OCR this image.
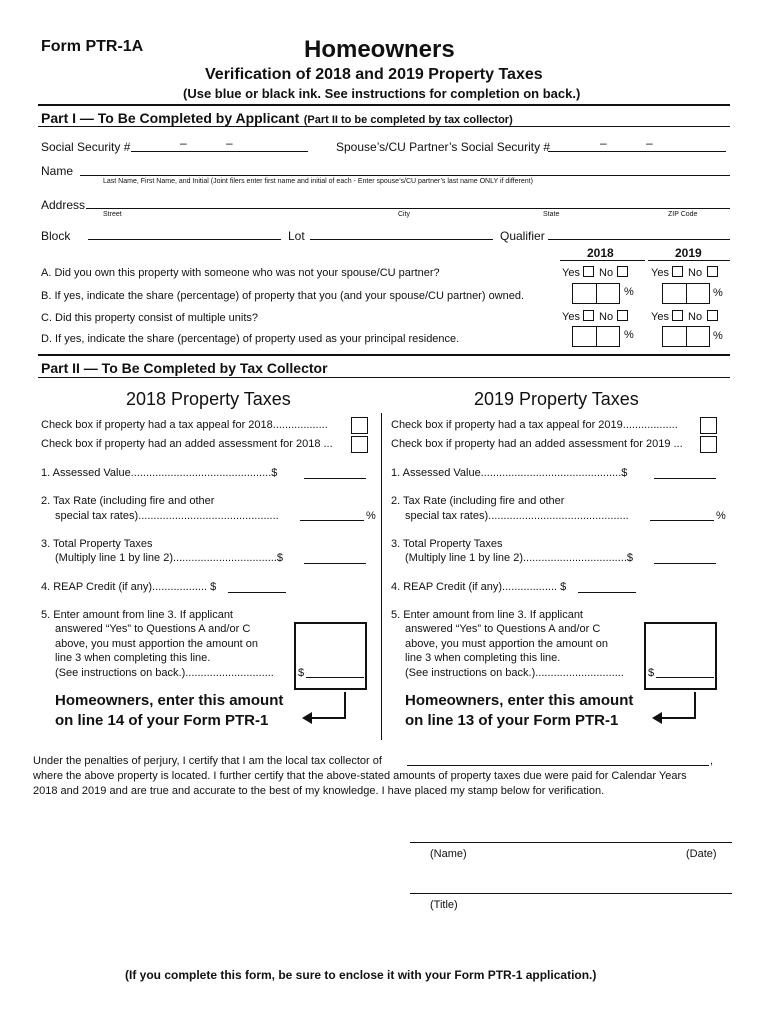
Form PTR-1A	Homeowners
Verification of 2018 and 2019 Property Taxes
(Use blue or black ink. See instructions for completion on back.)
Part I — To Be Completed by Applicant (Part II to be completed by tax collector)
Social Security #	–	–	Spouse’s/CU Partner’s Social Security #	–	–
Name
Last Name, First Name, and Initial (Joint filers enter first name and initial of each - Enter spouse’s/CU partner’s last name ONLY if different)
Address
Street	City	State	ZIP Code
Block	Lot	Qualifier
2018	2019
A. Did you own this property with someone who was not your spouse/CU partner?	Yes No	Yes No
B. If yes, indicate the share (percentage) of property that you (and your spouse/CU partner) owned.	%	%
C. Did this property consist of multiple units?	Yes No	Yes No
D. If yes, indicate the share (percentage) of property used as your principal residence.	%	%
Part II — To Be Completed by Tax Collector
2018 Property Taxes	2019 Property Taxes
Check box if property had a tax appeal for 2018..................
Check box if property had an added assessment for 2018 ...
1. Assessed Value..............................................$
2. Tax Rate (including fire and other
special tax rates)..............................................	%
3. Total Property Taxes
(Multiply line 1 by line 2)..................................$
4. REAP Credit (if any).................. $
5. Enter amount from line 3. If applicant
answered “Yes” to Questions A and/or C
above, you must apportion the amount on
line 3 when completing this line.
(See instructions on back.)............................. $
Homeowners, enter this amount
on line 14 of your Form PTR-1
Check box if property had a tax appeal for 2019..................
Check box if property had an added assessment for 2019 ...
1. Assessed Value..............................................$
2. Tax Rate (including fire and other
special tax rates)..............................................	%
3. Total Property Taxes
(Multiply line 1 by line 2)..................................$
4. REAP Credit (if any).................. $
5. Enter amount from line 3. If applicant
answered “Yes” to Questions A and/or C
above, you must apportion the amount on
line 3 when completing this line.
(See instructions on back.)............................. $
Homeowners, enter this amount
on line 13 of your Form PTR-1
Under the penalties of perjury, I certify that I am the local tax collector of	,
where the above property is located. I further certify that the above-stated amounts of property taxes due were paid for Calendar Years
2018 and 2019 and are true and accurate to the best of my knowledge. I have placed my stamp below for verification.
(Name)	(Date)
(Title)
(If you complete this form, be sure to enclose it with your Form PTR-1 application.)
